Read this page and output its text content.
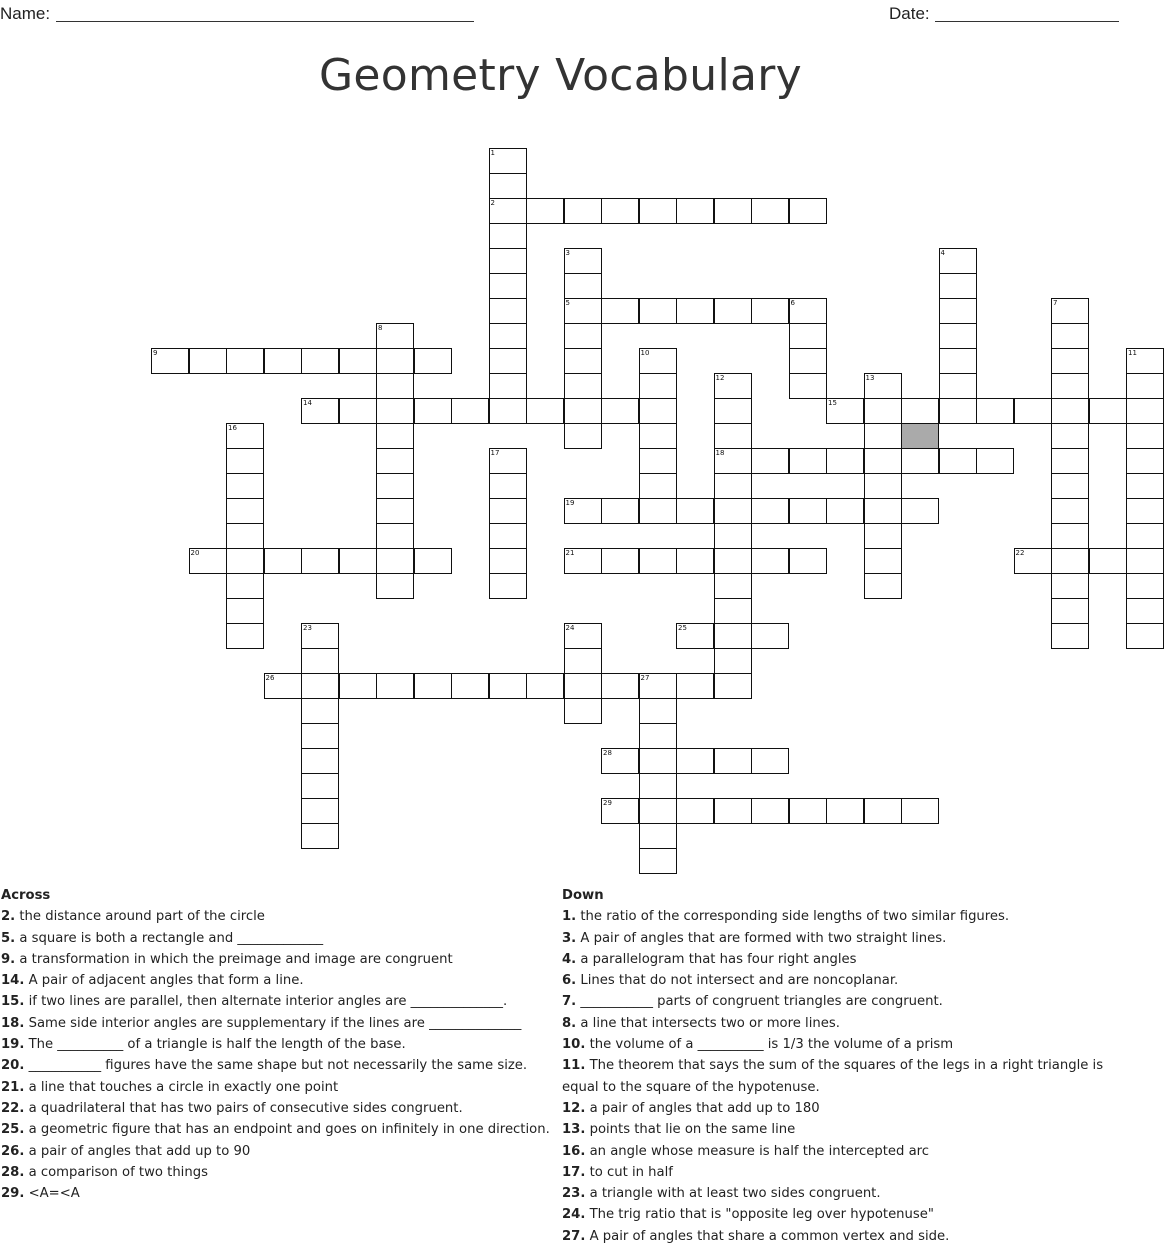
Name:	Date:
Geometry Vocabulary
1
2
3
5
4
6	7
8
9	10	11
12
18
13
14	15
16
17
19
20	21	22
23	24	25
26	27
28
29
Across
2. the distance around part of the circle
5. a square is both a rectangle and _____________
9. a transformation in which the preimage and image are congruent
14. A pair of adjacent angles that form a line.
15. if two lines are parallel, then alternate interior angles are ______________.
18. Same side interior angles are supplementary if the lines are ______________
19. The __________ of a triangle is half the length of the base.
20. ___________ figures have the same shape but not necessarily the same size.
21. a line that touches a circle in exactly one point
22. a quadrilateral that has two pairs of consecutive sides congruent.
25. a geometric figure that has an endpoint and goes on infinitely in one direction.
26. a pair of angles that add up to 90
28. a comparison of two things
29. <A=<A
Down
1. the ratio of the corresponding side lengths of two similar figures.
3. A pair of angles that are formed with two straight lines.
4. a parallelogram that has four right angles
6. Lines that do not intersect and are noncoplanar.
7. ___________ parts of congruent triangles are congruent.
8. a line that intersects two or more lines.
10. the volume of a __________ is 1/3 the volume of a prism
11. The theorem that says the sum of the squares of the legs in a right triangle is equal to the square of the hypotenuse.
12. a pair of angles that add up to 180
13. points that lie on the same line
16. an angle whose measure is half the intercepted arc
17. to cut in half
23. a triangle with at least two sides congruent.
24. The trig ratio that is "opposite leg over hypotenuse"
27. A pair of angles that share a common vertex and side.
